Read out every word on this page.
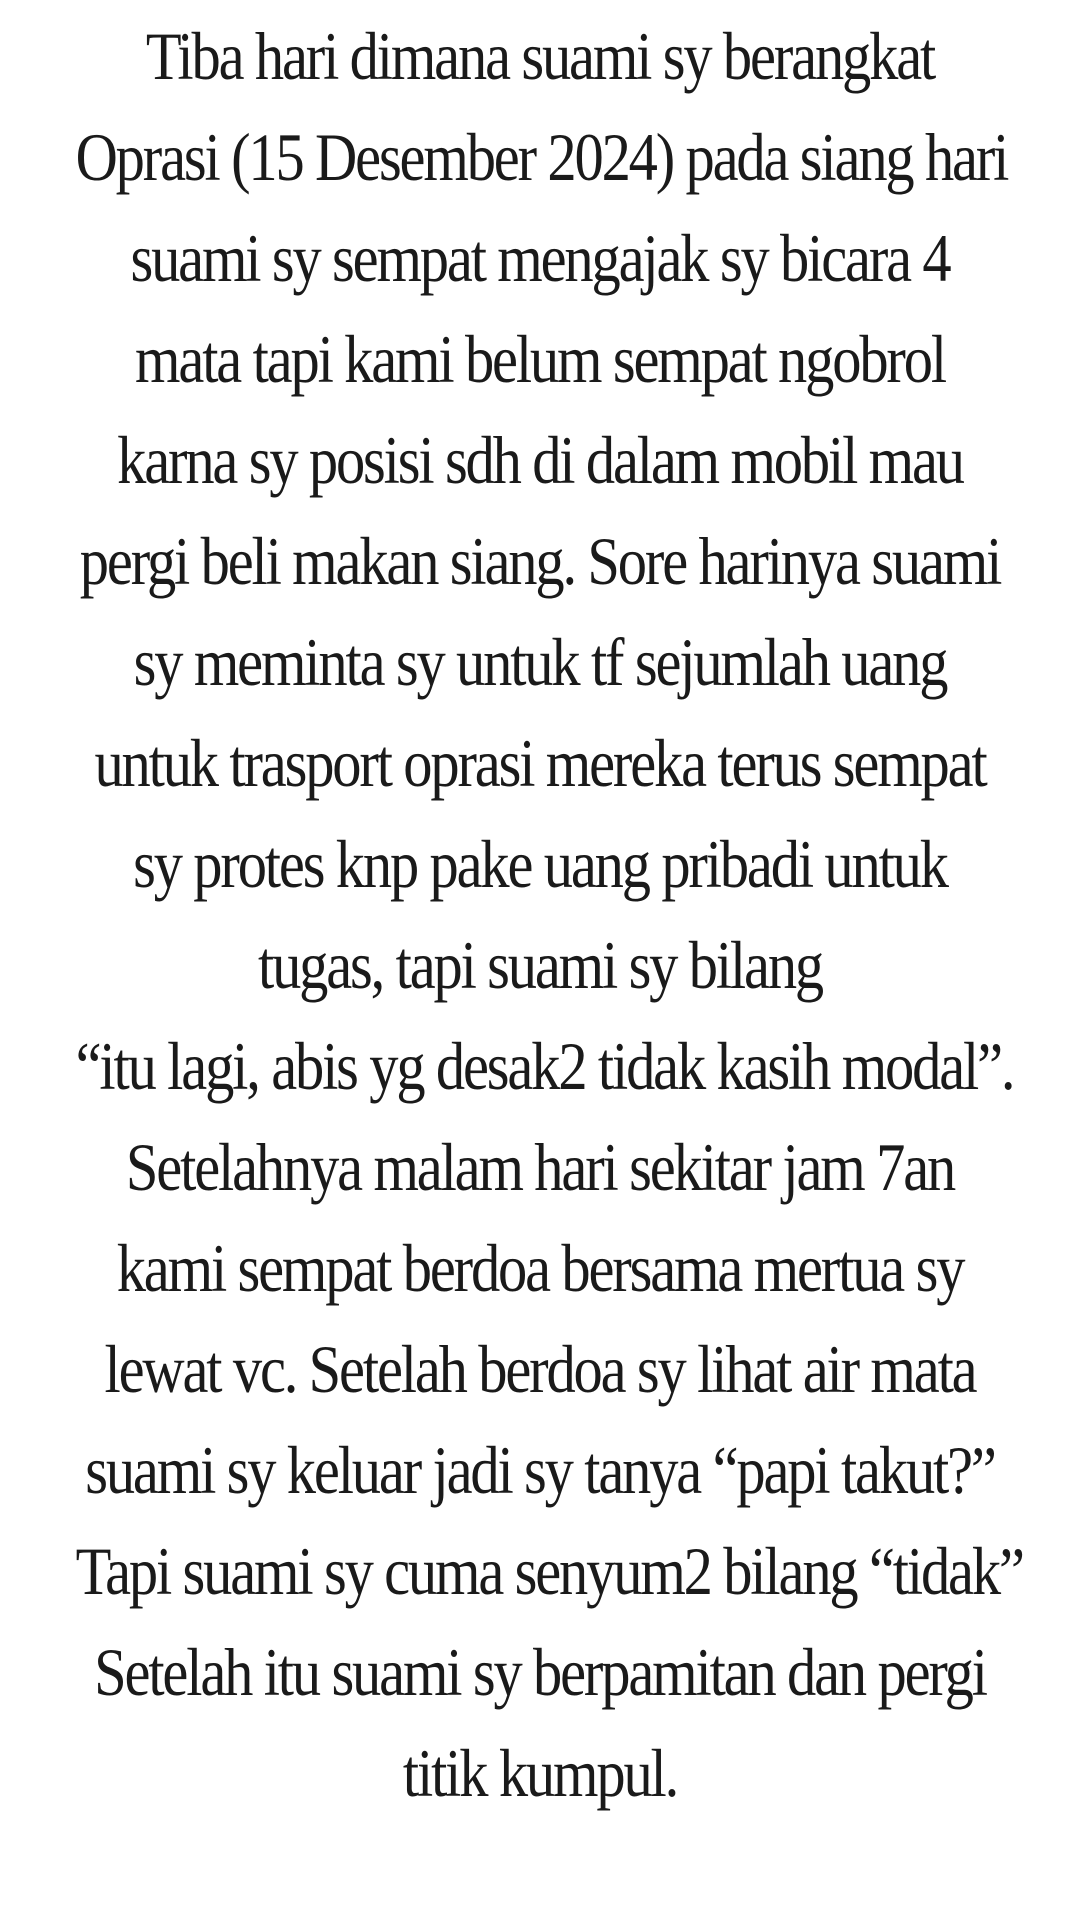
Tiba hari dimana suami sy berangkat
Oprasi (15 Desember 2024) pada siang hari
suami sy sempat mengajak sy bicara 4
mata tapi kami belum sempat ngobrol
karna sy posisi sdh di dalam mobil mau
pergi beli makan siang. Sore harinya suami
sy meminta sy untuk tf sejumlah uang
untuk trasport oprasi mereka terus sempat
sy protes knp pake uang pribadi untuk
tugas, tapi suami sy bilang
“itu lagi, abis yg desak2 tidak kasih modal”.
Setelahnya malam hari sekitar jam 7an
kami sempat berdoa bersama mertua sy
lewat vc. Setelah berdoa sy lihat air mata
suami sy keluar jadi sy tanya “papi takut?”
Tapi suami sy cuma senyum2 bilang “tidak”
Setelah itu suami sy berpamitan dan pergi
titik kumpul.
